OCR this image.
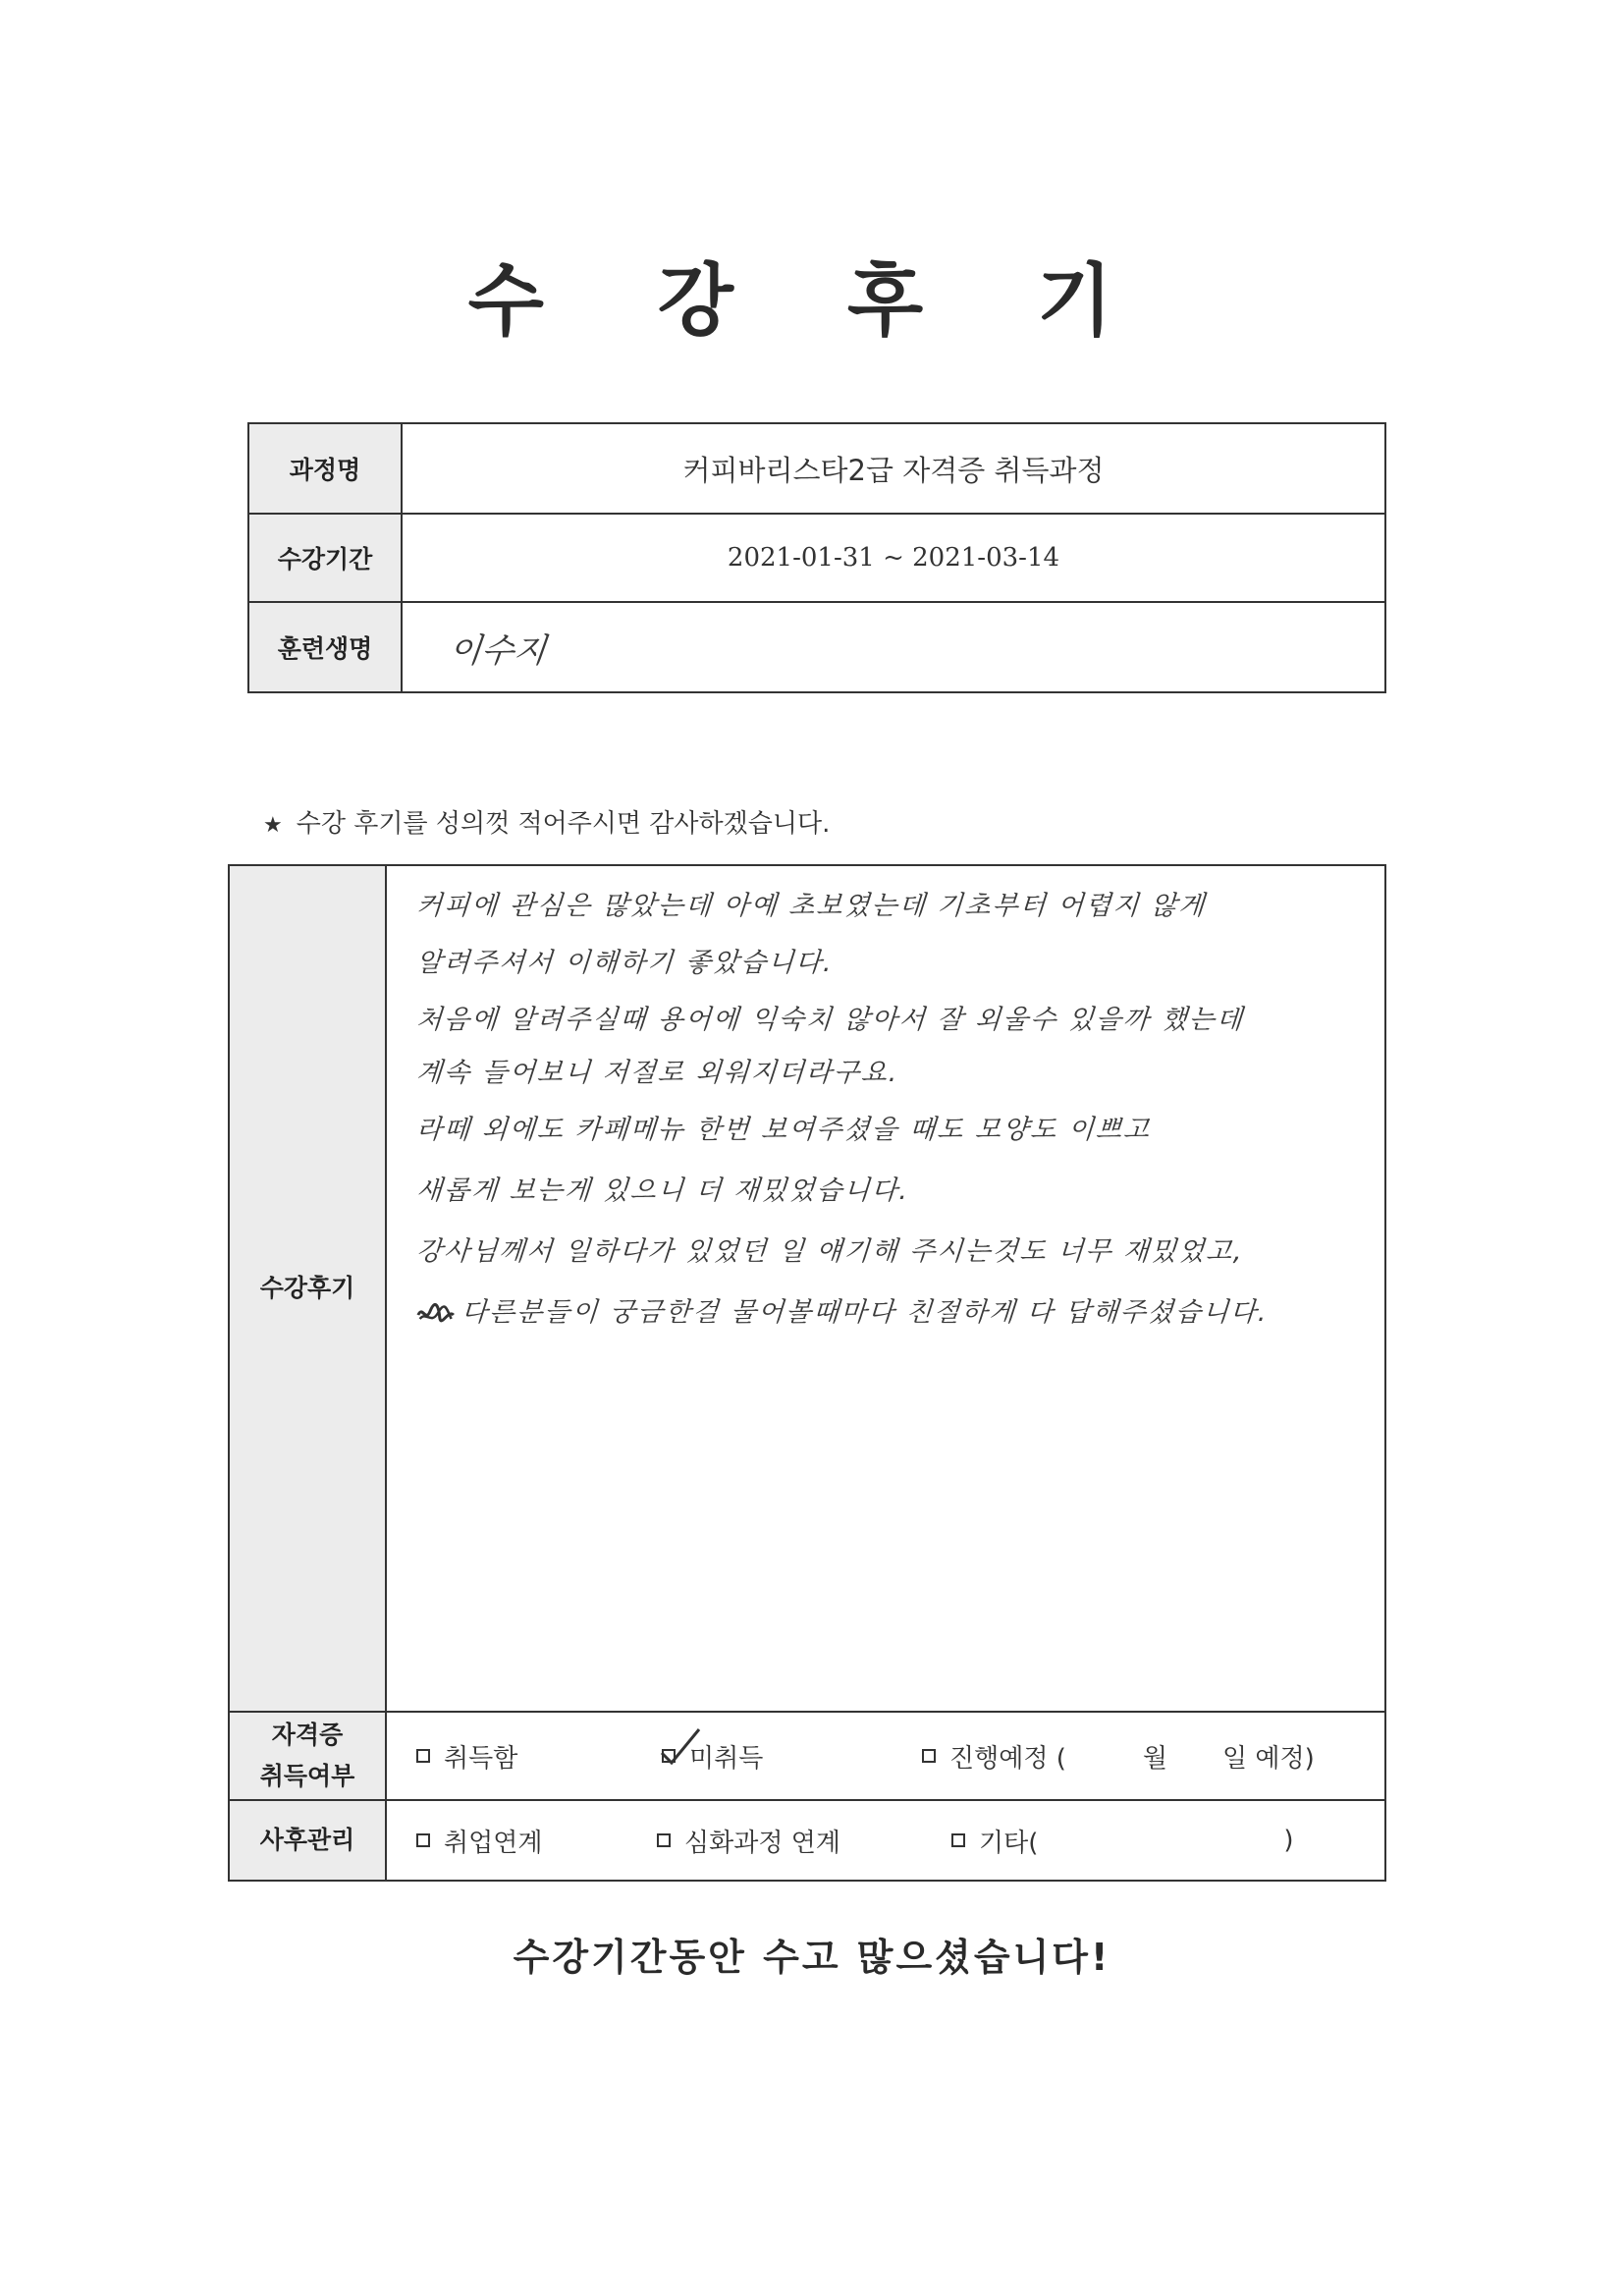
수 강 후 기
과정명	커피바리스타2급 자격증 취득과정
수강기간	2021-01-31 ~ 2021-03-14
훈련생명	이수지
★ 수강 후기를 성의껏 적어주시면 감사하겠습니다.
수강후기
커피에 관심은 많았는데 아예 초보였는데 기초부터 어렵지 않게
알려주셔서 이해하기 좋았습니다.
처음에 알려주실때 용어에 익숙치 않아서 잘 외울수 있을까 했는데
계속 들어보니 저절로 외워지더라구요.
라떼 외에도 카페메뉴 한번 보여주셨을 때도 모양도 이쁘고
새롭게 보는게 있으니 더 재밌었습니다.
강사님께서 일하다가 있었던 일 얘기해 주시는것도 너무 재밌었고,
다른분들이 궁금한걸 물어볼때마다 친절하게 다 답해주셨습니다.
자격증
취득여부
취득함	미취득	진행예정 (	월 일 예정)
사후관리	취업연계	심화과정 연계	기타(	)
수강기간동안 수고 많으셨습니다!
